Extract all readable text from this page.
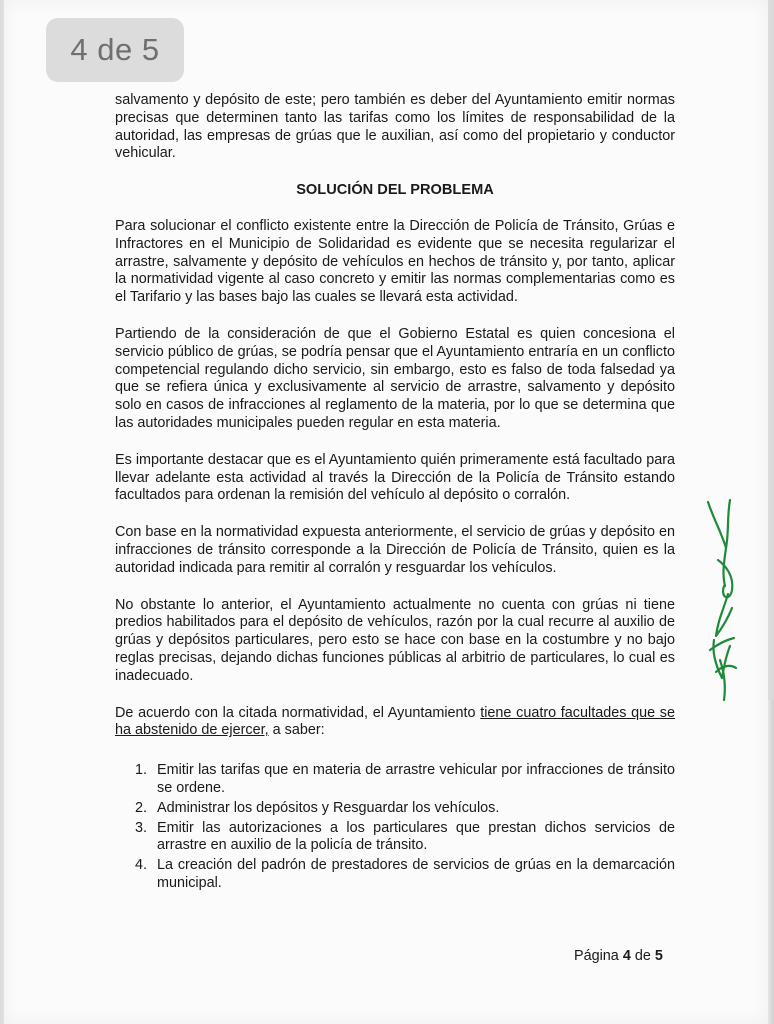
salvamento y depósito de este; pero también es deber del Ayuntamiento emitir normas precisas que determinen tanto las tarifas como los límites de responsabilidad de la autoridad, las empresas de grúas que le auxilian, así como del propietario y conductor vehicular.

SOLUCIÓN DEL PROBLEMA

Para solucionar el conflicto existente entre la Dirección de Policía de Tránsito, Grúas e Infractores en el Municipio de Solidaridad es evidente que se necesita regularizar el arrastre, salvamente y depósito de vehículos en hechos de tránsito y, por tanto, aplicar la normatividad vigente al caso concreto y emitir las normas complementarias como es el Tarifario y las bases bajo las cuales se llevará esta actividad.

Partiendo de la consideración de que el Gobierno Estatal es quien concesiona el servicio público de grúas, se podría pensar que el Ayuntamiento entraría en un conflicto competencial regulando dicho servicio, sin embargo, esto es falso de toda falsedad ya que se refiera única y exclusivamente al servicio de arrastre, salvamento y depósito solo en casos de infracciones al reglamento de la materia, por lo que se determina que las autoridades municipales pueden regular en esta materia.

Es importante destacar que es el Ayuntamiento quién primeramente está facultado para llevar adelante esta actividad al través la Dirección de la Policía de Tránsito estando facultados para ordenan la remisión del vehículo al depósito o corralón.

Con base en la normatividad expuesta anteriormente, el servicio de grúas y depósito en infracciones de tránsito corresponde a la Dirección de Policía de Tránsito, quien es la autoridad indicada para remitir al corralón y resguardar los vehículos.

No obstante lo anterior, el Ayuntamiento actualmente no cuenta con grúas ni tiene predios habilitados para el depósito de vehículos, razón por la cual recurre al auxilio de grúas y depósitos particulares, pero esto se hace con base en la costumbre y no bajo reglas precisas, dejando dichas funciones públicas al arbitrio de particulares, lo cual es inadecuado.

De acuerdo con la citada normatividad, el Ayuntamiento tiene cuatro facultades que se ha abstenido de ejercer, a saber:

1. Emitir las tarifas que en materia de arrastre vehicular por infracciones de tránsito se ordene.
2. Administrar los depósitos y Resguardar los vehículos.
3. Emitir las autorizaciones a los particulares que prestan dichos servicios de arrastre en auxilio de la policía de tránsito.
4. La creación del padrón de prestadores de servicios de grúas en la demarcación municipal.
Página 4 de 5
4 de 5
